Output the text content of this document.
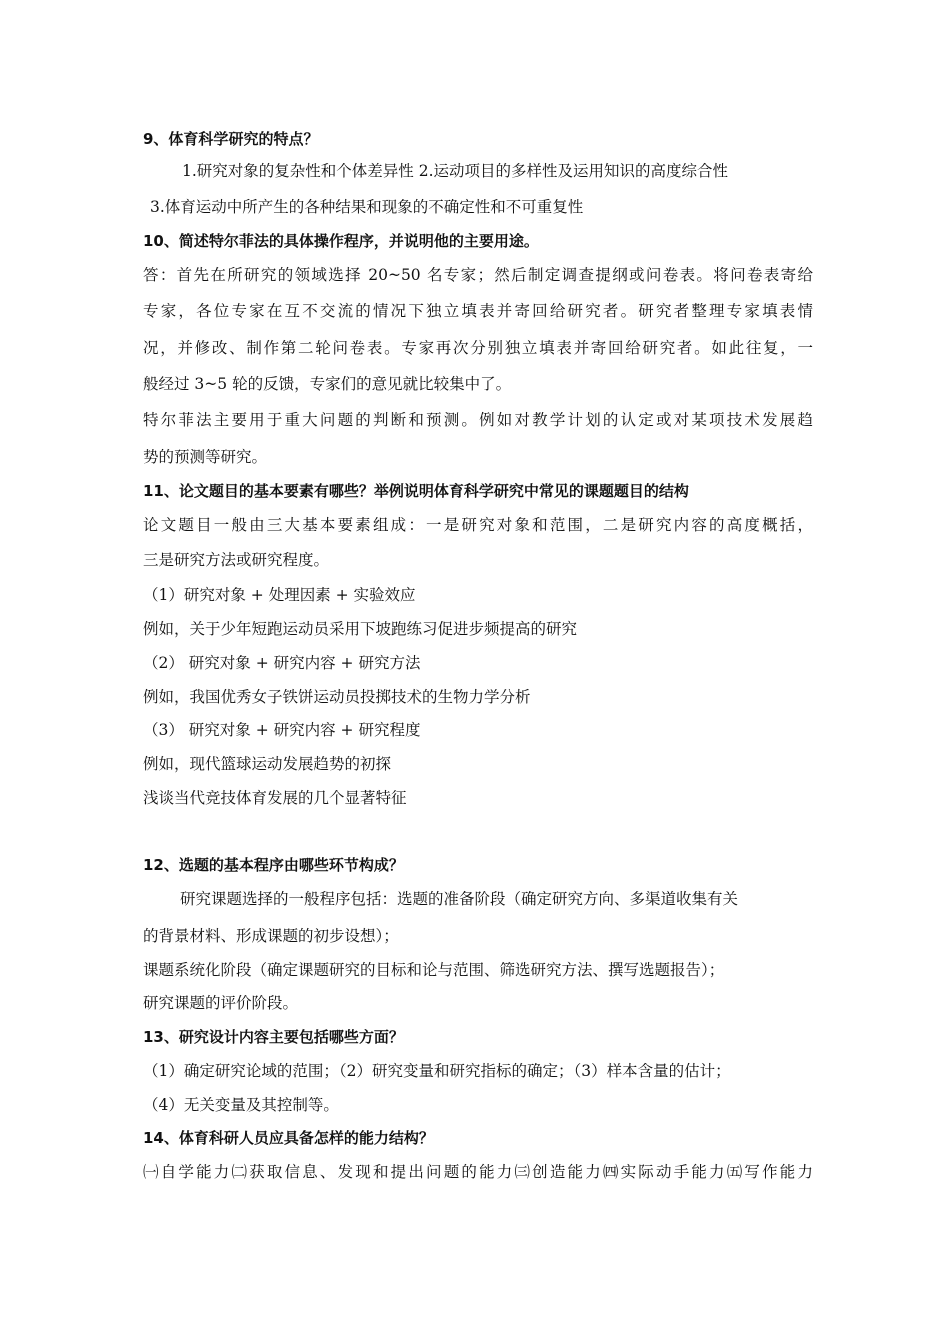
9、体育科学研究的特点？
1.研究对象的复杂性和个体差异性 2.运动项目的多样性及运用知识的高度综合性
3.体育运动中所产生的各种结果和现象的不确定性和不可重复性
10、简述特尔菲法的具体操作程序，并说明他的主要用途。
答：首先在所研究的领域选择 20~50 名专家；然后制定调查提纲或问卷表。将问卷表寄给
专家，各位专家在互不交流的情况下独立填表并寄回给研究者。研究者整理专家填表情
况，并修改、制作第二轮问卷表。专家再次分别独立填表并寄回给研究者。如此往复，一
般经过 3~5 轮的反馈，专家们的意见就比较集中了。
特尔菲法主要用于重大问题的判断和预测。例如对教学计划的认定或对某项技术发展趋
势的预测等研究。
11、论文题目的基本要素有哪些？举例说明体育科学研究中常见的课题题目的结构
论文题目一般由三大基本要素组成：一是研究对象和范围，二是研究内容的高度概括，
三是研究方法或研究程度。
（1）研究对象 + 处理因素 + 实验效应
例如，关于少年短跑运动员采用下坡跑练习促进步频提高的研究
（2） 研究对象 + 研究内容 + 研究方法
例如，我国优秀女子铁饼运动员投掷技术的生物力学分析
（3） 研究对象 + 研究内容 + 研究程度
例如，现代篮球运动发展趋势的初探
浅谈当代竞技体育发展的几个显著特征
12、选题的基本程序由哪些环节构成？
研究课题选择的一般程序包括：选题的准备阶段（确定研究方向、多渠道收集有关
的背景材料、形成课题的初步设想）；
课题系统化阶段（确定课题研究的目标和论与范围、筛选研究方法、撰写选题报告）；
研究课题的评价阶段。
13、研究设计内容主要包括哪些方面？
（1）确定研究论域的范围；（2）研究变量和研究指标的确定；（3）样本含量的估计；
（4）无关变量及其控制等。
14、体育科研人员应具备怎样的能力结构？
㈠自学能力㈡获取信息、发现和提出问题的能力㈢创造能力㈣实际动手能力㈤写作能力
